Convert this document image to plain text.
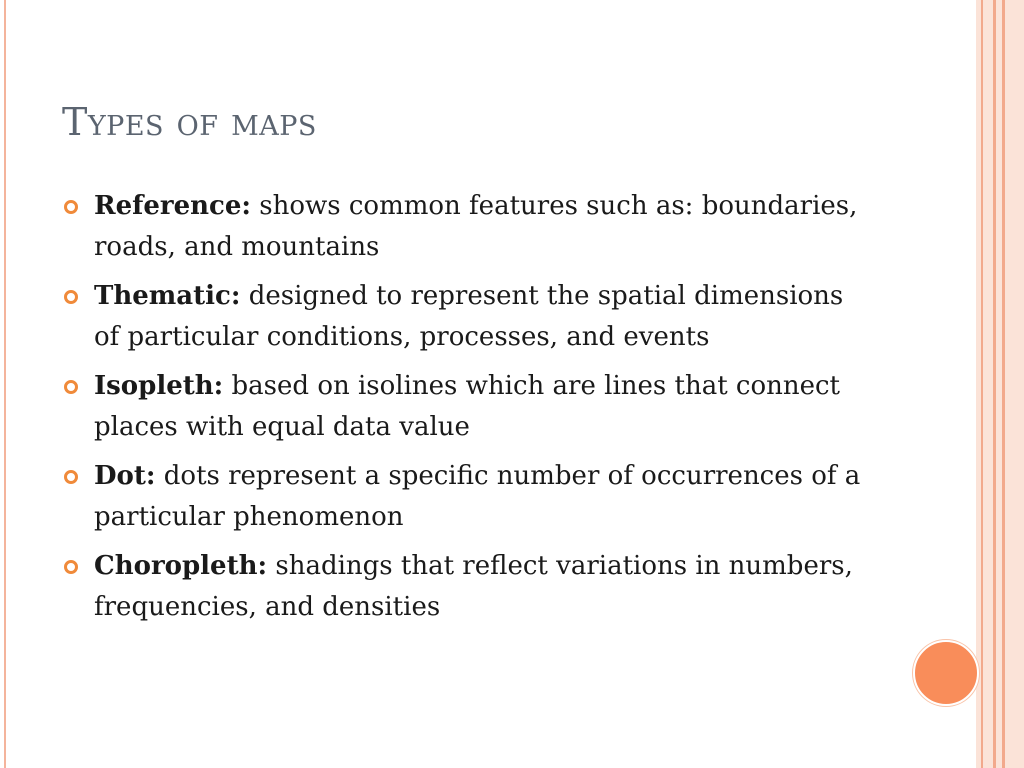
Types of maps
Reference: shows common features such as: boundaries, roads, and mountains
Thematic: designed to represent the spatial dimensions of particular conditions, processes, and events
Isopleth: based on isolines which are lines that connect places with equal data value
Dot: dots represent a specific number of occurrences of a particular phenomenon
Choropleth: shadings that reflect variations in numbers, frequencies, and densities
